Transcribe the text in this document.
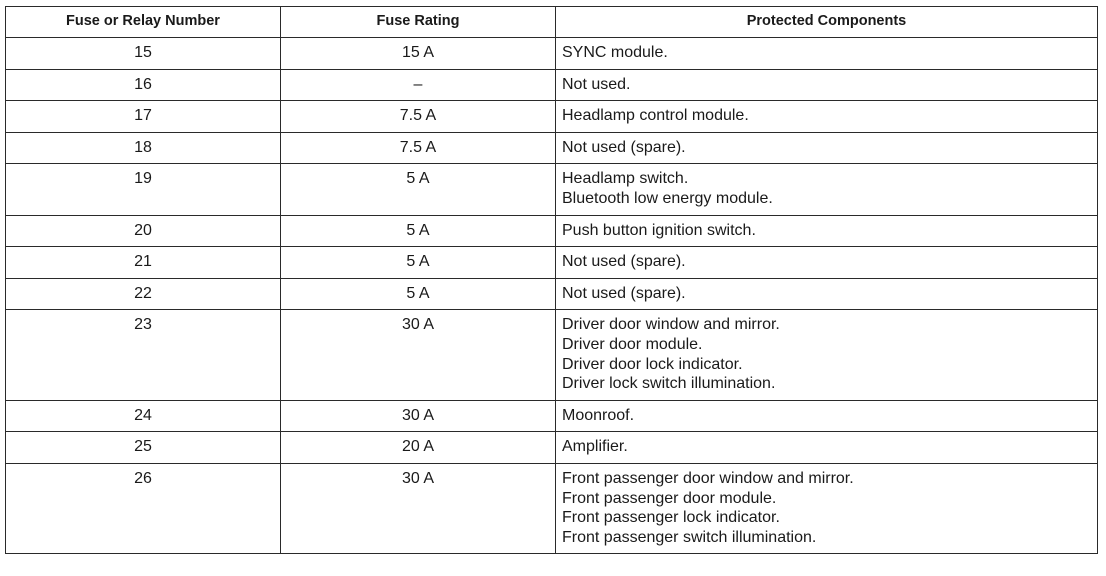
Fuse or Relay Number	Fuse Rating	Protected Components
15	15 A	SYNC module.

16	–	Not used.

17	7.5 A	Headlamp control module.

18	7.5 A	Not used (spare).

19	5 A	Headlamp switch.
Bluetooth low energy module.

20	5 A	Push button ignition switch.

21	5 A	Not used (spare).

22	5 A	Not used (spare).

23	30 A	Driver door window and mirror.
Driver door module.
Driver door lock indicator.
Driver lock switch illumination.

24	30 A	Moonroof.

25	20 A	Amplifier.

26	30 A	Front passenger door window and mirror.
Front passenger door module.
Front passenger lock indicator.
Front passenger switch illumination.
